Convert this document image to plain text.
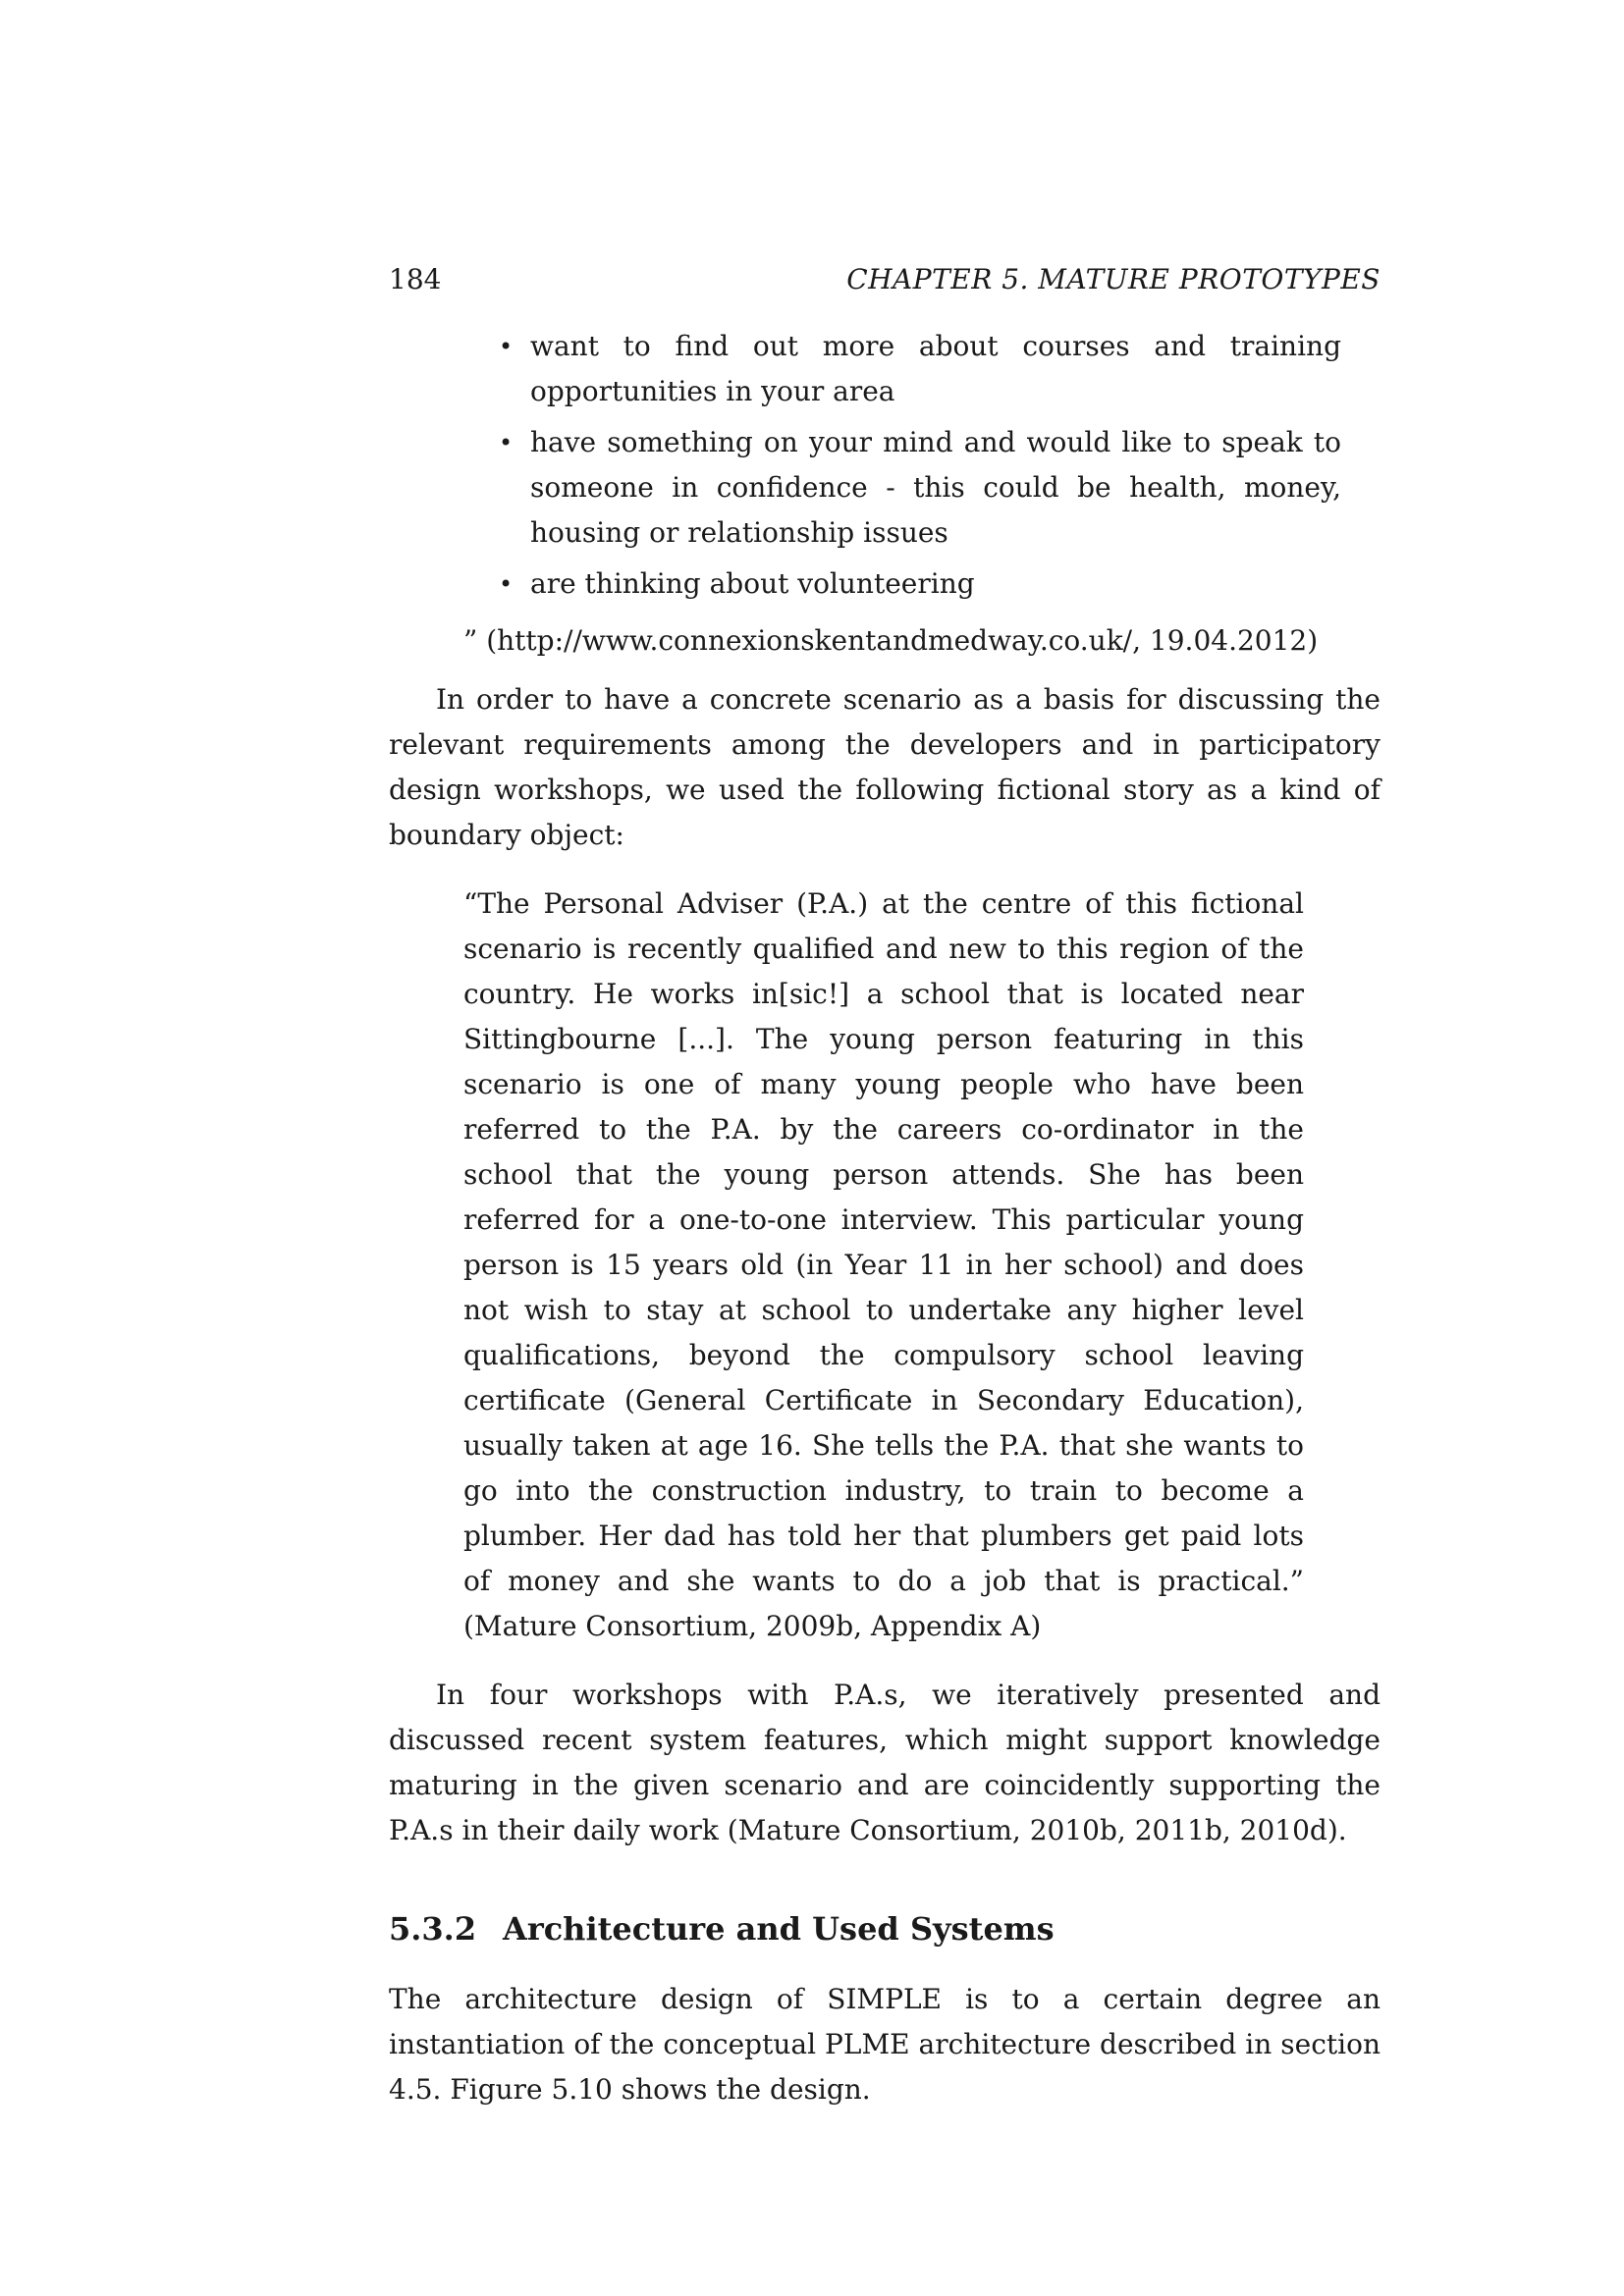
184	CHAPTER 5. MATURE PROTOTYPES
• want to find out more about courses and training opportunities in your area
• have something on your mind and would like to speak to someone in confidence - this could be health, money, housing or relationship issues
• are thinking about volunteering
” (http://www.connexionskentandmedway.co.uk/, 19.04.2012)

In order to have a concrete scenario as a basis for discussing the relevant requirements among the developers and in participatory design workshops, we used the following fictional story as a kind of boundary object:

“The Personal Adviser (P.A.) at the centre of this fictional scenario is recently qualified and new to this region of the country. He works in[sic!] a school that is located near Sittingbourne [...]. The young person featuring in this scenario is one of many young people who have been referred to the P.A. by the careers co-ordinator in the school that the young person attends. She has been referred for a one-to-one interview. This particular young person is 15 years old (in Year 11 in her school) and does not wish to stay at school to undertake any higher level qualifications, beyond the compulsory school leaving certificate (General Certificate in Secondary Education), usually taken at age 16. She tells the P.A. that she wants to go into the construction industry, to train to become a plumber. Her dad has told her that plumbers get paid lots of money and she wants to do a job that is practical.” (Mature Consortium, 2009b, Appendix A)

In four workshops with P.A.s, we iteratively presented and discussed recent system features, which might support knowledge maturing in the given scenario and are coincidently supporting the P.A.s in their daily work (Mature Consortium, 2010b, 2011b, 2010d).

5.3.2 Architecture and Used Systems

The architecture design of SIMPLE is to a certain degree an instantiation of the conceptual PLME architecture described in section 4.5. Figure 5.10 shows the design.
